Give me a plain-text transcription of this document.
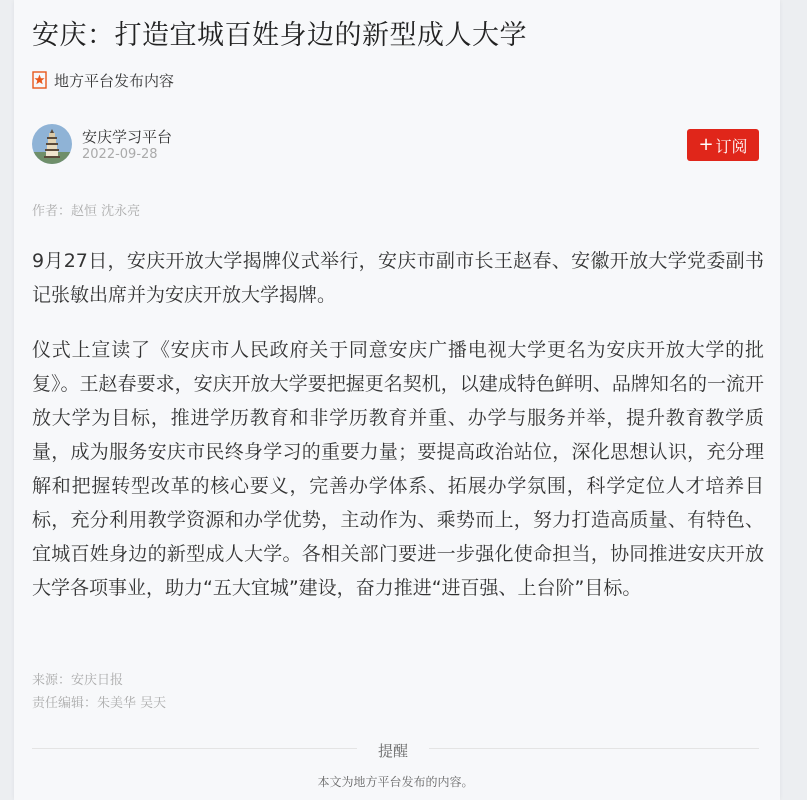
安庆：打造宜城百姓身边的新型成人大学
地方平台发布内容
安庆学习平台
2022-09-28	+ 订阅
作者：赵恒 沈永亮

9月27日，安庆开放大学揭牌仪式举行，安庆市副市长王赵春、安徽开放大学党委副书记张敏出席并为安庆开放大学揭牌。

仪式上宣读了《安庆市人民政府关于同意安庆广播电视大学更名为安庆开放大学的批复》。王赵春要求，安庆开放大学要把握更名契机，以建成特色鲜明、品牌知名的一流开放大学为目标，推进学历教育和非学历教育并重、办学与服务并举，提升教育教学质量，成为服务安庆市民终身学习的重要力量；要提高政治站位，深化思想认识，充分理解和把握转型改革的核心要义，完善办学体系、拓展办学氛围，科学定位人才培养目标，充分利用教学资源和办学优势，主动作为、乘势而上，努力打造高质量、有特色、宜城百姓身边的新型成人大学。各相关部门要进一步强化使命担当，协同推进安庆开放大学各项事业，助力“五大宜城”建设，奋力推进“进百强、上台阶”目标。

来源：安庆日报
责任编辑：朱美华 吴天
提醒
本文为地方平台发布的内容。
